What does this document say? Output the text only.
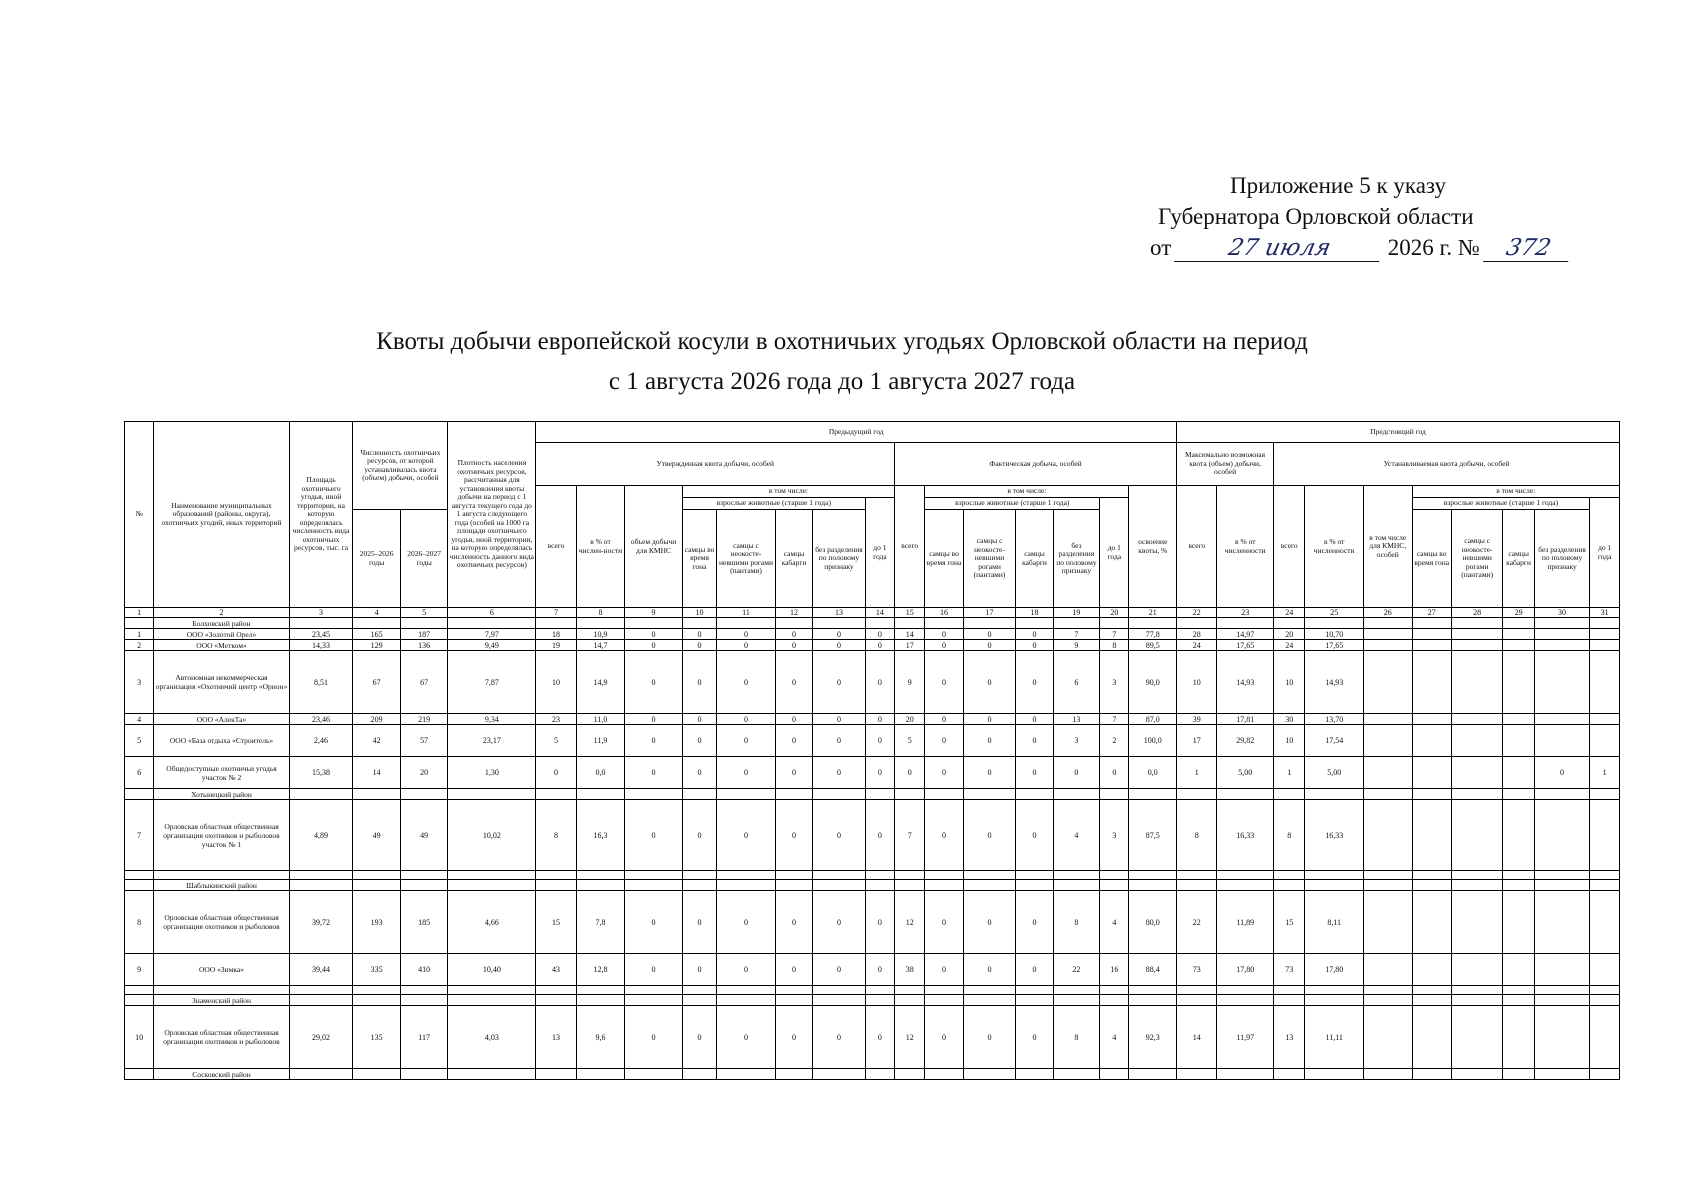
Приложение 5 к указу
Губернатора Орловской области
от 27 июля 2026 г. № 372
Квоты добычи европейской косули в охотничьих угодьях Орловской области на период
с 1 августа 2026 года до 1 августа 2027 года
№	Наименование муниципальных образований (районы, округа), охотничьих угодий, иных территорий	Площадь охотничьего угодья, иной территории, на которую определялась численность вида охотничьих ресурсов, тыс. га	Численность охотничьих ресурсов, от которой устанавливалась квота (объем) добычи, особей		Плотность населения охотничьих ресурсов, рассчитанная для установления квоты добычи на период с 1 августа текущего года до 1 августа следующего года (особей на 1000 га площади охотничьего угодья, иной территории, на которую определялась численность данного вида охотничьих ресурсов)	Предыдущий год															Предстоящий год									
						Утвержденная квота добычи, особей								Фактическая добыча, особей							Максимально возможная квота (объем) добычи, особей		Устанавливаемая квота добычи, особей							
						всего	в % от числен-ности	объем добычи для КМНС	в том числе:					всего	в том числе:					освоение квоты, %	всего	в % от численности	всего	в % от численности	в том числе для КМНС, особей	в том числе:				
									взрослые животные (старше 1 года)				до 1 года		взрослые животные (старше 1 года)				до 1 года							взрослые животные (старше 1 года)				до 1 года
			2025–2026 годы	2026–2027 годы					самцы во время гона	самцы с неокосте-невшими рогами (пантами)	самцы кабарги	без разделения по половому признаку			самцы во время гона	самцы с неокосте-невшими рогами (пантами)	самцы кабарги	без разделения по половому признаку								самцы во время гона	самцы с неокосте-невшими рогами (пантами)	самцы кабарги	без разделения по половому признаку	

1	2	3	4	5	6	7	8	9	10	11	12	13	14	15	16	17	18	19	20	21	22	23	24	25	26	27	28	29	30	31
	Болховский район																													
1	ООО «Золотой Орел»	23,45	165	187	7,97	18	10,9	0	0	0	0	0	0	14	0	0	0	7	7	77,8	28	14,97	20	10,70						
2	ООО «Метком»	14,33	129	136	9,49	19	14,7	0	0	0	0	0	0	17	0	0	0	9	8	89,5	24	17,65	24	17,65						
3	Автономная некоммерческая организация «Охотничий центр «Орион»	8,51	67	67	7,87	10	14,9	0	0	0	0	0	0	9	0	0	0	6	3	90,0	10	14,93	10	14,93						
4	ООО «АлекТа»	23,46	209	219	9,34	23	11,0	0	0	0	0	0	0	20	0	0	0	13	7	87,0	39	17,81	30	13,70						
5	ООО «База отдыха «Строитель»	2,46	42	57	23,17	5	11,9	0	0	0	0	0	0	5	0	0	0	3	2	100,0	17	29,82	10	17,54						
6	Общедоступные охотничьи угодья участок № 2	15,38	14	20	1,30	0	0,0	0	0	0	0	0	0	0	0	0	0	0	0	0,0	1	5,00	1	5,00					0	1
	Хотынецкий район																													
7	Орловская областная общественная организация охотников и рыболовов участок № 1	4,89	49	49	10,02	8	16,3	0	0	0	0	0	0	7	0	0	0	4	3	87,5	8	16,33	8	16,33						

	Шаблыкинский район																													
8	Орловская областная общественная организация охотников и рыболовов	39,72	193	185	4,66	15	7,8	0	0	0	0	0	0	12	0	0	0	8	4	80,0	22	11,89	15	8,11						
9	ООО «Зимка»	39,44	335	410	10,40	43	12,8	0	0	0	0	0	0	38	0	0	0	22	16	88,4	73	17,80	73	17,80						

	Знаменский район																													
10	Орловская областная общественная организация охотников и рыболовов	29,02	135	117	4,03	13	9,6	0	0	0	0	0	0	12	0	0	0	8	4	92,3	14	11,97	13	11,11						
	Сосковский район																													
